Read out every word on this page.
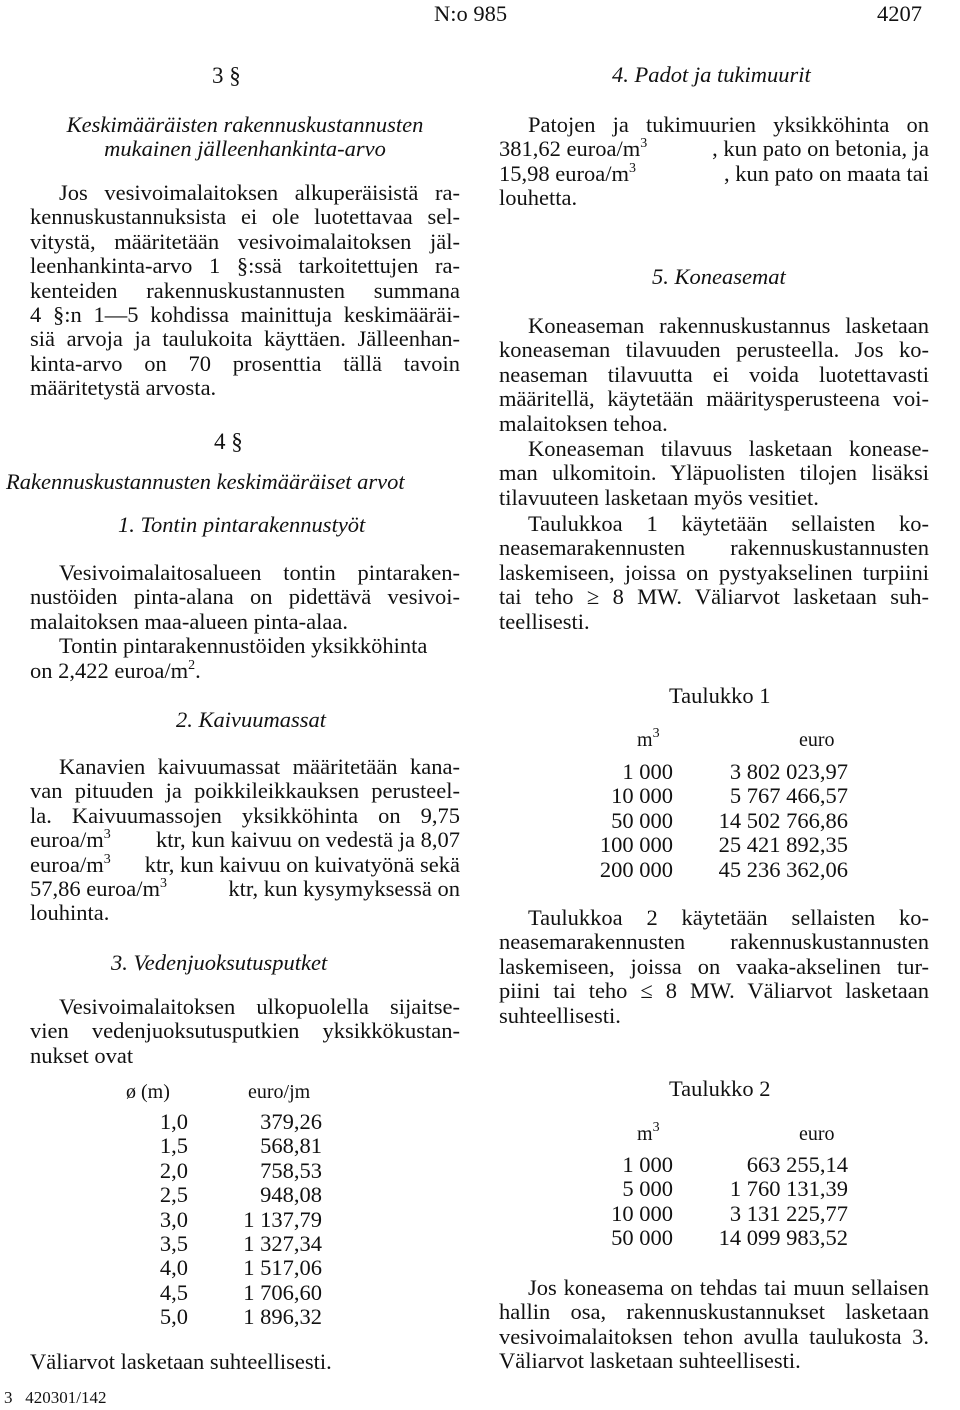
N:o 985	4207
3 §
Keskimääräisten rakennuskustannusten
mukainen jälleenhankinta-arvo

Jos vesivoimalaitoksen alkuperäisistä ra-

kennuskustannuksista ei ole luotettavaa sel-

vitystä, määritetään vesivoimalaitoksen jäl-

leenhankinta-arvo 1 §:ssä tarkoitettujen ra-

kenteiden rakennuskustannusten summana

4 §:n 1—5 kohdissa mainittuja keskimääräi-

siä arvoja ja taulukoita käyttäen. Jälleenhan-

kinta-arvo on 70 prosenttia tällä tavoin

määritetystä arvosta.

4 §
Rakennuskustannusten keskimääräiset arvot
1. Tontin pintarakennustyöt

Vesivoimalaitosalueen tontin pintaraken-

nustöiden pinta-alana on pidettävä vesivoi-

malaitoksen maa-alueen pinta-alaa.

Tontin pintarakennustöiden yksikköhinta

on 2,422 euroa/$m^2$.

2. Kaivuumassat

Kanavien kaivuumassat määritetään kana-

van pituuden ja poikkileikkauksen perusteel-

la. Kaivuumassojen yksikköhinta on 9,75

euroa/$m^3$ ktr, kun kaivuu on vedestä ja 8,07

euroa/$m^3$ ktr, kun kaivuu on kuivatyönä sekä

57,86 euroa/$m^3$	ktr, kun kysymyksessä on

louhinta.

3. Vedenjuoksutusputket

Vesivoimalaitoksen ulkopuolella sijaitse-

vien vedenjuoksutusputkien yksikkökustan-

nukset ovat

ø (m)	euro/jm
1,0	379,26
1,5	568,81
2,0	758,53
2,5	948,08
3,0	1 137,79
3,5	1 327,34
4,0	1 517,06
4,5	1 706,60
5,0	1 896,32
Väliarvot lasketaan suhteellisesti.
4. Padot ja tukimuurit

Patojen ja tukimuurien yksikköhinta on

381,62 euroa/$m^3$	, kun pato on betonia, ja

15,98 euroa/$m^3$	, kun pato on maata tai

louhetta.

5. Koneasemat

Koneaseman rakennuskustannus lasketaan

koneaseman tilavuuden perusteella. Jos ko-

neaseman tilavuutta ei voida luotettavasti

määritellä, käytetään määritysperusteena voi-

malaitoksen tehoa.

Koneaseman tilavuus lasketaan konease-

man ulkomitoin. Yläpuolisten tilojen lisäksi

tilavuuteen lasketaan myös vesitiet.

Taulukkoa 1 käytetään sellaisten ko-

neasemarakennusten rakennuskustannusten

laskemiseen, joissa on pystyakselinen turpiini

tai teho ≥ 8 MW. Väliarvot lasketaan suh-

teellisesti.

Taulukko 1
$m^3$	euro
1 000	3 802 023,97
10 000	5 767 466,57
50 000	14 502 766,86
100 000	25 421 892,35
200 000	45 236 362,06

Taulukkoa 2 käytetään sellaisten ko-

neasemarakennusten rakennuskustannusten

laskemiseen, joissa on vaaka-akselinen tur-

piini tai teho ≤ 8 MW. Väliarvot lasketaan

suhteellisesti.

Taulukko 2
$m^3$	euro
1 000	663 255,14
5 000	1 760 131,39
10 000	3 131 225,77
50 000	14 099 983,52

Jos koneasema on tehdas tai muun sellaisen

hallin osa, rakennuskustannukset lasketaan

vesivoimalaitoksen tehon avulla taulukosta 3.

Väliarvot lasketaan suhteellisesti.

3   420301/142
